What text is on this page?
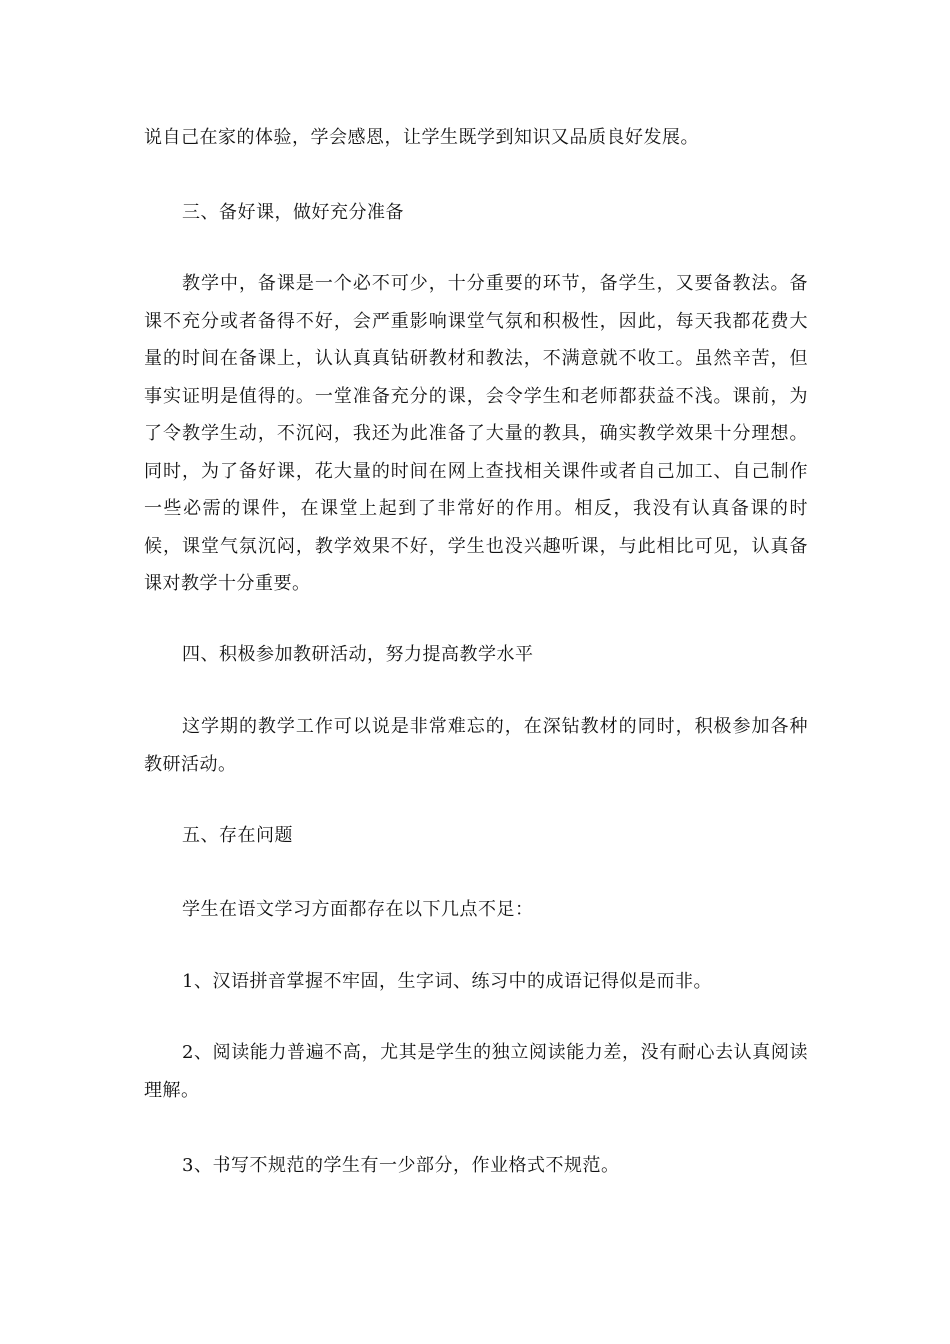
说自己在家的体验，学会感恩，让学生既学到知识又品质良好发展。

三、备好课，做好充分准备

教学中，备课是一个必不可少，十分重要的环节，备学生，又要备教法。备课不充分或者备得不好，会严重影响课堂气氛和积极性，因此，每天我都花费大量的时间在备课上，认认真真钻研教材和教法，不满意就不收工。虽然辛苦，但事实证明是值得的。一堂准备充分的课，会令学生和老师都获益不浅。课前，为了令教学生动，不沉闷，我还为此准备了大量的教具，确实教学效果十分理想。同时，为了备好课，花大量的时间在网上查找相关课件或者自己加工、自己制作一些必需的课件，在课堂上起到了非常好的作用。相反，我没有认真备课的时候，课堂气氛沉闷，教学效果不好，学生也没兴趣听课，与此相比可见，认真备课对教学十分重要。

四、积极参加教研活动，努力提高教学水平

这学期的教学工作可以说是非常难忘的，在深钻教材的同时，积极参加各种教研活动。

五、存在问题

学生在语文学习方面都存在以下几点不足：

1、汉语拼音掌握不牢固，生字词、练习中的成语记得似是而非。

2、阅读能力普遍不高，尤其是学生的独立阅读能力差，没有耐心去认真阅读理解。

3、书写不规范的学生有一少部分，作业格式不规范。
